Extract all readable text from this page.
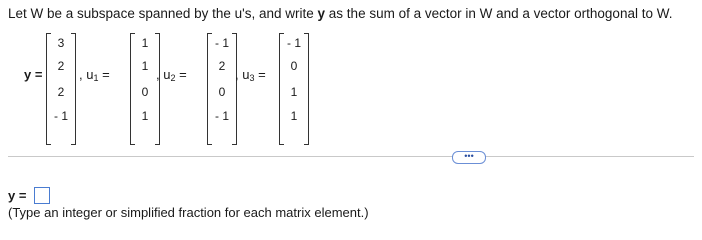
Let W be a subspace spanned by the u's, and write y as the sum of a vector in W and a vector orthogonal to W.
y =
3
2
2
- 1
, $u_1$ =
1
1
0
1
, $u_2$ =
- 1
2
0
- 1
, $u_3$ =
- 1
0
1
1
•••
y =
(Type an integer or simplified fraction for each matrix element.)
